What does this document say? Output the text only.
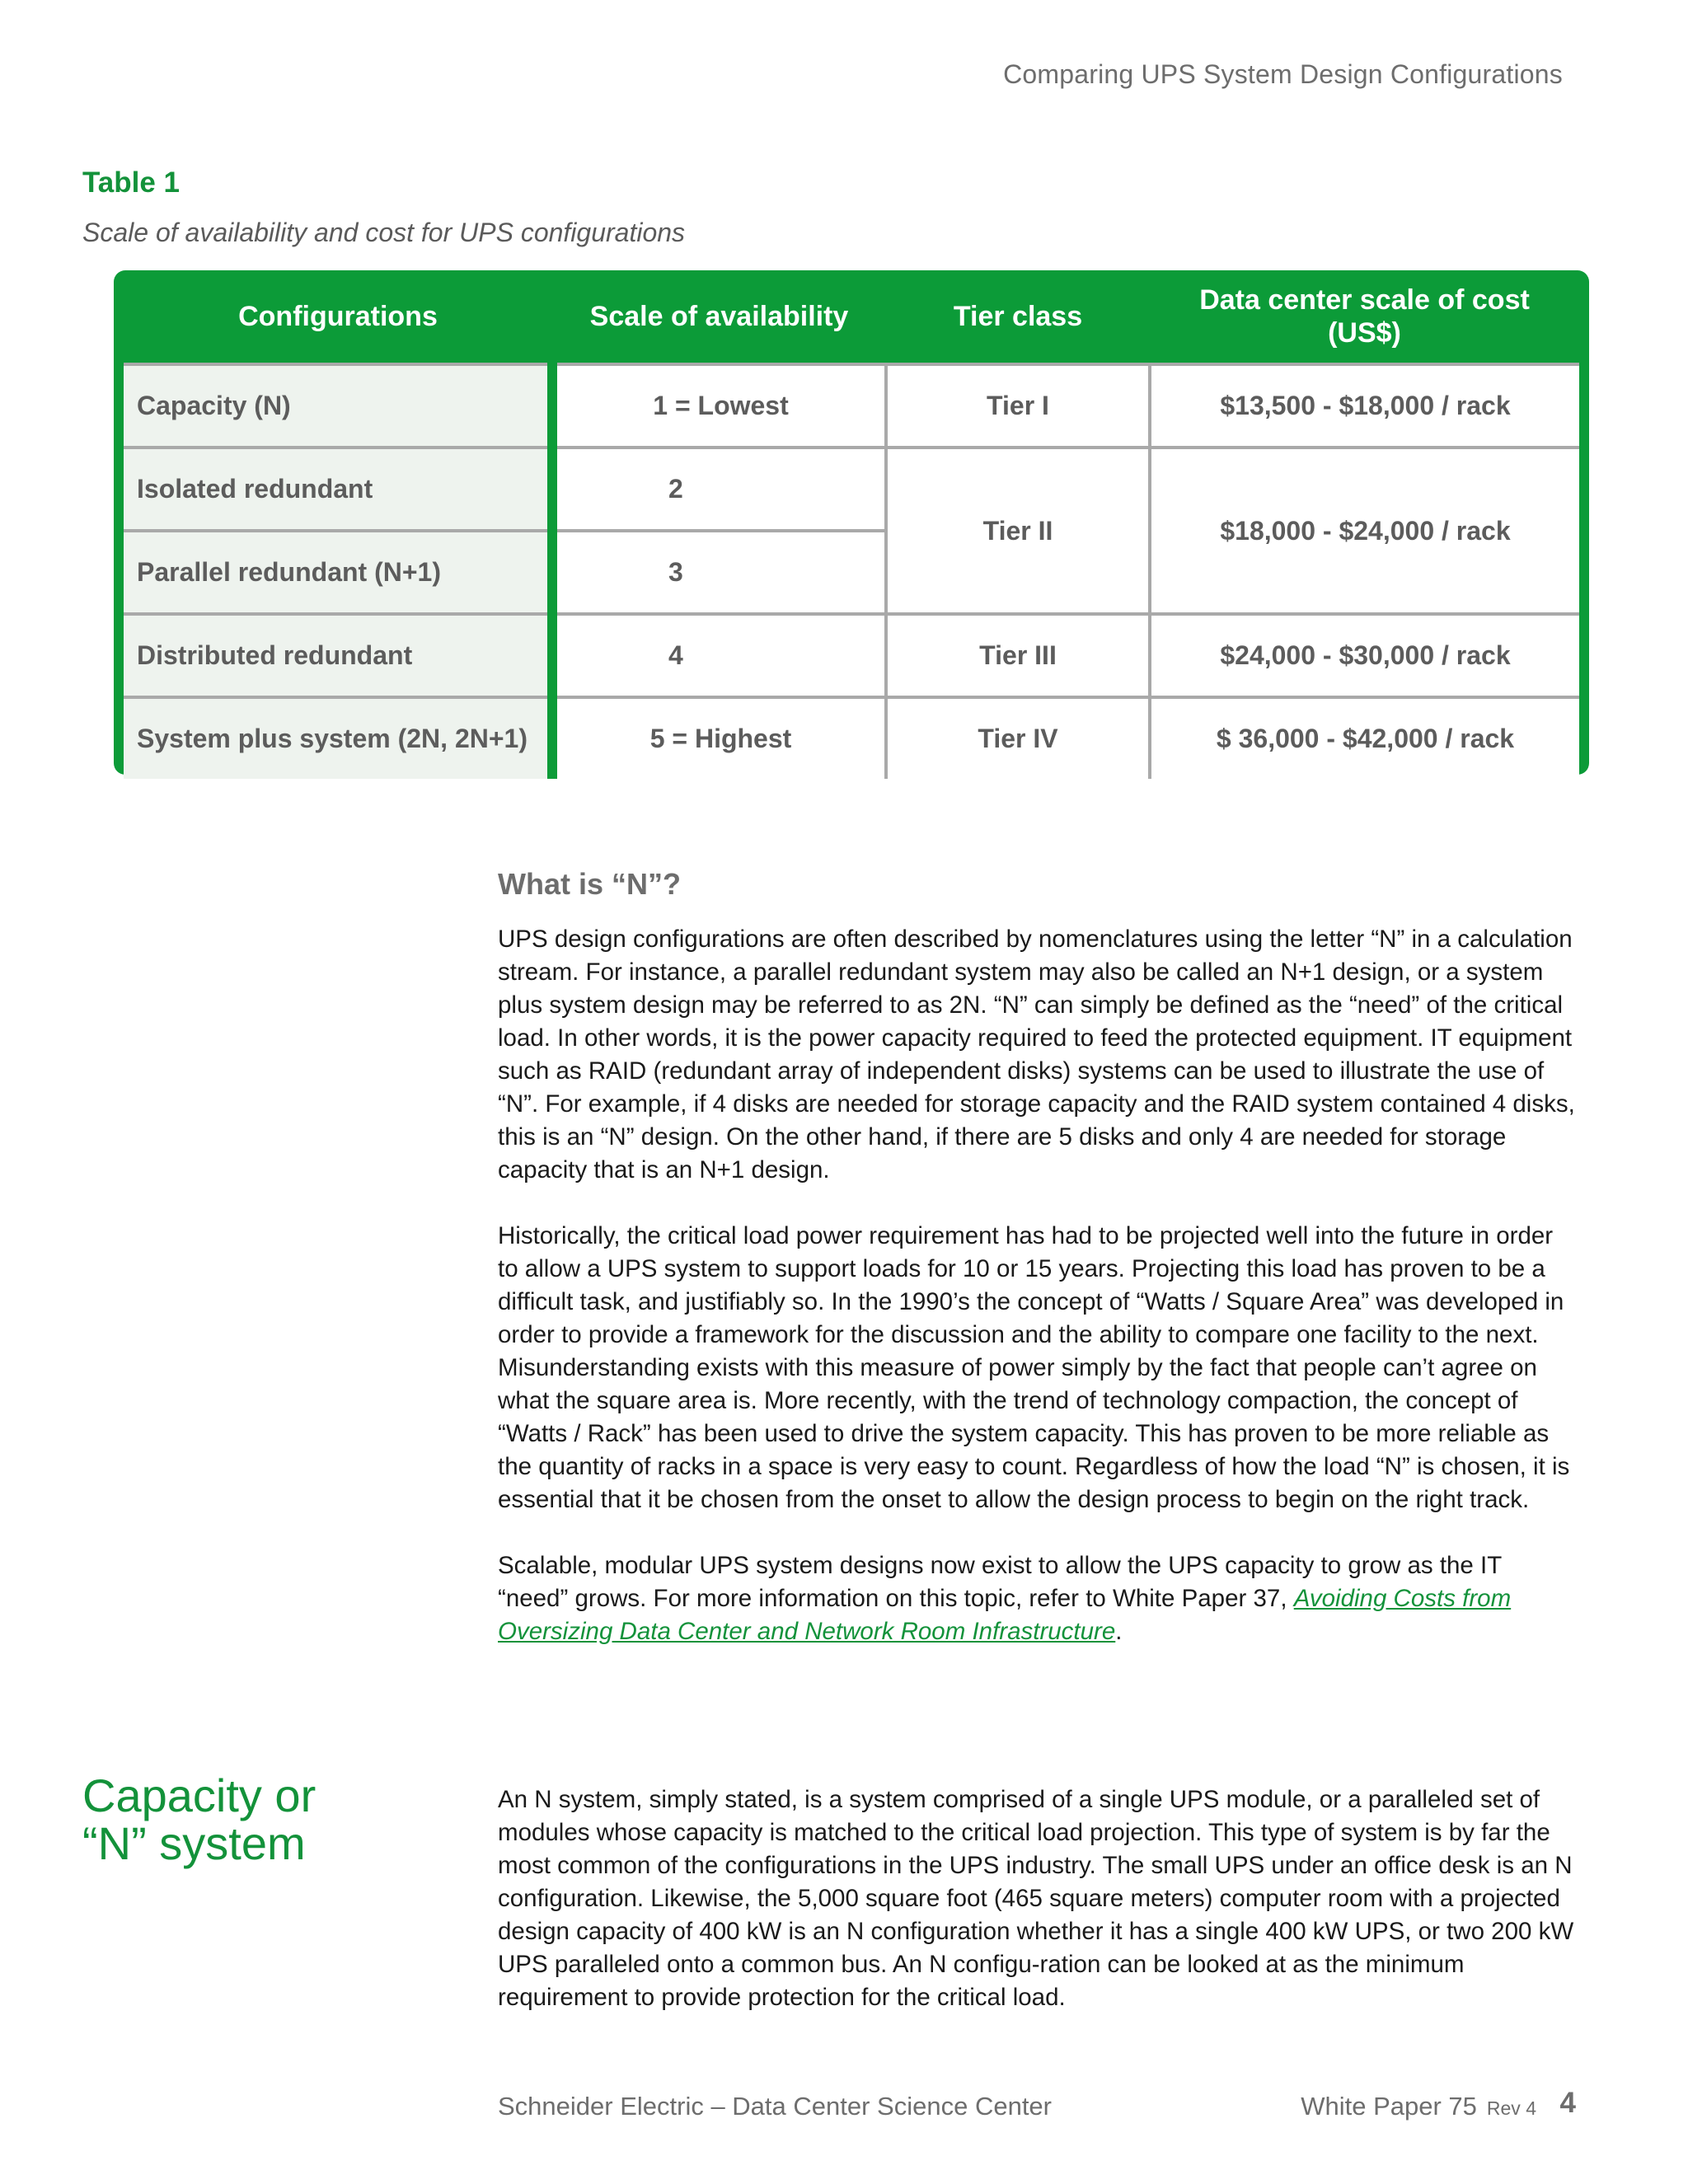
Comparing UPS System Design Configurations
Table 1
Scale of availability and cost for UPS configurations
Configurations	Scale of availability	Tier class	Data center scale of cost (US$)
Capacity (N)	1 = Lowest	Tier I	$13,500 - $18,000 / rack
Isolated redundant	2	Tier II	$18,000 - $24,000 / rack
Parallel redundant (N+1)	3		
Distributed redundant	4	Tier III	$24,000 - $30,000 / rack
System plus system (2N, 2N+1)	5 = Highest	Tier IV	$ 36,000 - $42,000 / rack
What is “N”?

UPS design configurations are often described by nomenclatures using the letter “N” in a calculation stream. For instance, a parallel redundant system may also be called an N+1 design, or a system plus system design may be referred to as 2N. “N” can simply be defined as the “need” of the critical load. In other words, it is the power capacity required to feed the protected equipment. IT equipment such as RAID (redundant array of independent disks) systems can be used to illustrate the use of “N”. For example, if 4 disks are needed for storage capacity and the RAID system contained 4 disks, this is an “N” design. On the other hand, if there are 5 disks and only 4 are needed for storage capacity that is an N+1 design.

Historically, the critical load power requirement has had to be projected well into the future in order to allow a UPS system to support loads for 10 or 15 years. Projecting this load has proven to be a difficult task, and justifiably so. In the 1990’s the concept of “Watts / Square Area” was developed in order to provide a framework for the discussion and the ability to compare one facility to the next. Misunderstanding exists with this measure of power simply by the fact that people can’t agree on what the square area is. More recently, with the trend of technology compaction, the concept of “Watts / Rack” has been used to drive the system capacity. This has proven to be more reliable as the quantity of racks in a space is very easy to count. Regardless of how the load “N” is chosen, it is essential that it be chosen from the onset to allow the design process to begin on the right track.

Scalable, modular UPS system designs now exist to allow the UPS capacity to grow as the IT “need” grows. For more information on this topic, refer to White Paper 37, Avoiding Costs from Oversizing Data Center and Network Room Infrastructure.

Capacity or
“N” system

An N system, simply stated, is a system comprised of a single UPS module, or a paralleled set of modules whose capacity is matched to the critical load projection. This type of system is by far the most common of the configurations in the UPS industry. The small UPS under an office desk is an N configuration. Likewise, the 5,000 square foot (465 square meters) computer room with a projected design capacity of 400 kW is an N configuration whether it has a single 400 kW UPS, or two 200 kW UPS paralleled onto a common bus. An N configu-ration can be looked at as the minimum requirement to provide protection for the critical load.

Schneider Electric – Data Center Science Center	White Paper 75 Rev 4 4
